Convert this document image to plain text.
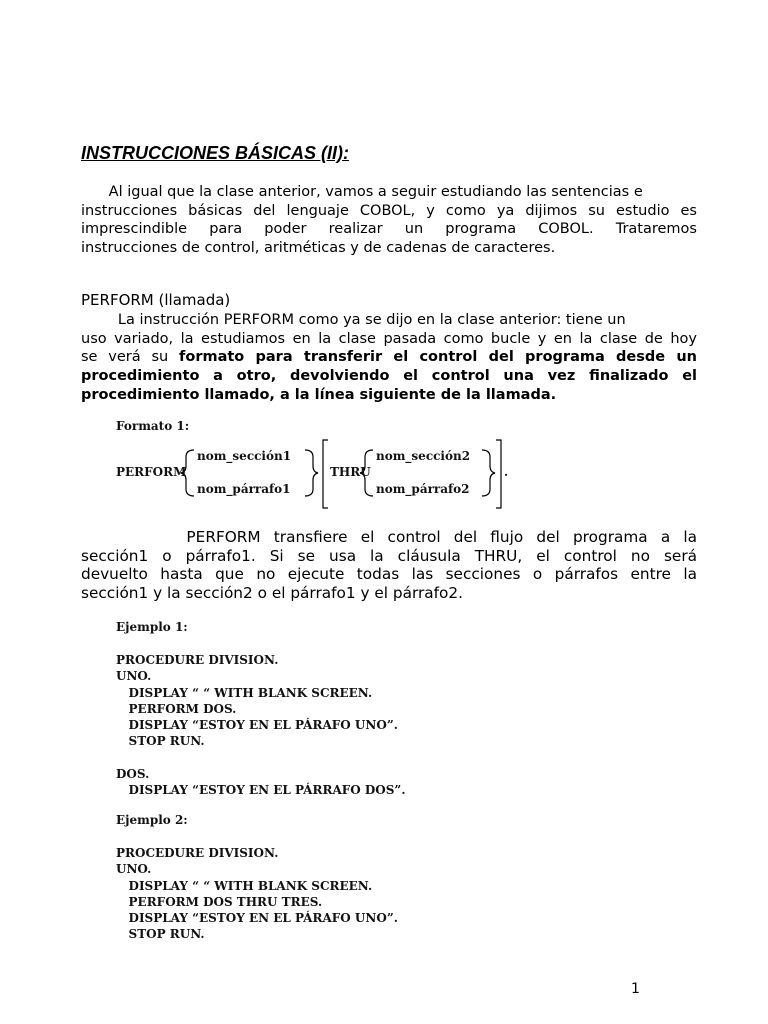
INSTRUCCIONES BÁSICAS (II):
Al igual que la clase anterior, vamos a seguir estudiando las sentencias e
instrucciones básicas del lenguaje COBOL, y como ya dijimos su estudio es
imprescindible para poder realizar un programa COBOL. Trataremos
instrucciones de control, aritméticas y de cadenas de caracteres.
PERFORM (llamada)
La instrucción PERFORM como ya se dijo en la clase anterior: tiene un
uso variado, la estudiamos en la clase pasada como bucle y en la clase de hoy
se verá su formato para transferir el control del programa desde un
procedimiento a otro, devolviendo el control una vez finalizado el
procedimiento llamado, a la línea siguiente de la llamada.
Formato 1:
PERFORM
nom_sección1
nom_párrafo1
THRU
nom_sección2
nom_párrafo2
.
PERFORM transfiere el control del flujo del programa a la
sección1 o párrafo1. Si se usa la cláusula THRU, el control no será
devuelto hasta que no ejecute todas las secciones o párrafos entre la
sección1 y la sección2 o el párrafo1 y el párrafo2.
Ejemplo 1:
PROCEDURE DIVISION.
UNO.
DISPLAY “ “ WITH BLANK SCREEN.
PERFORM DOS.
DISPLAY “ESTOY EN EL PÁRAFO UNO”.
STOP RUN.
DOS.
DISPLAY “ESTOY EN EL PÁRRAFO DOS”.
Ejemplo 2:
PROCEDURE DIVISION.
UNO.
DISPLAY “ “ WITH BLANK SCREEN.
PERFORM DOS THRU TRES.
DISPLAY “ESTOY EN EL PÁRAFO UNO”.
STOP RUN.
1
